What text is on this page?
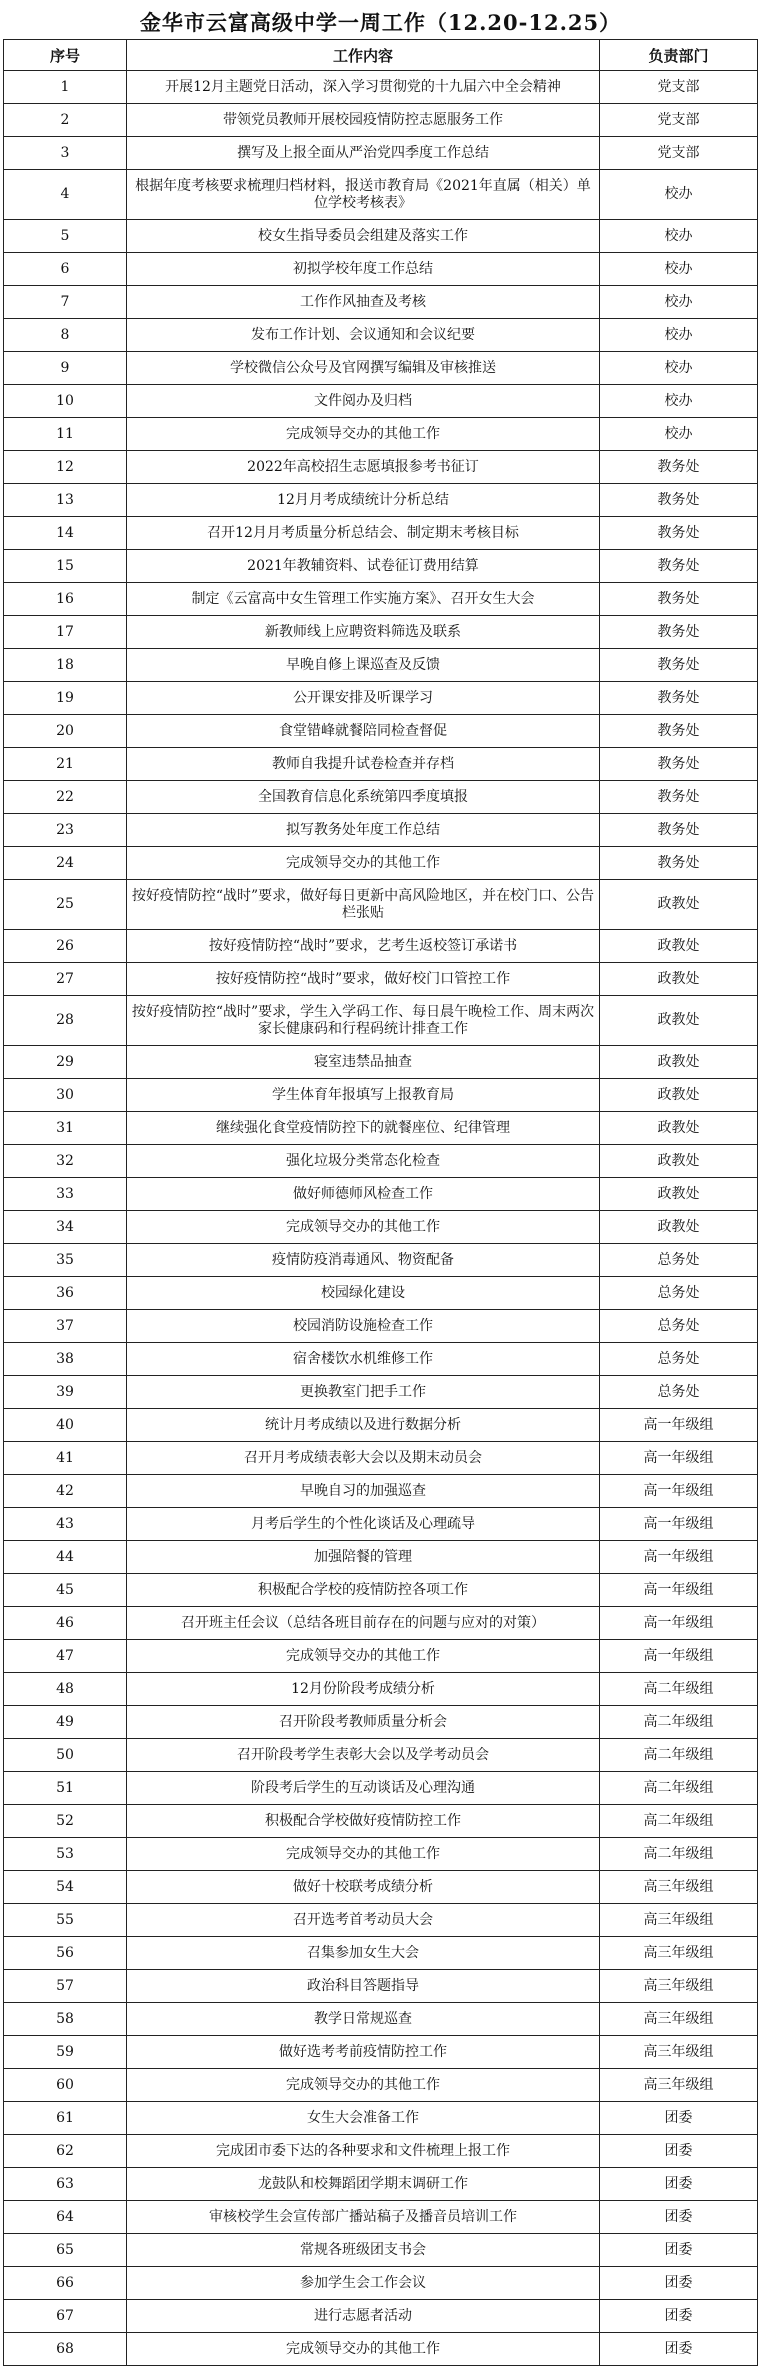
金华市云富高级中学一周工作（12.20-12.25）
序号	工作内容	负责部门
1	开展12月主题党日活动，深入学习贯彻党的十九届六中全会精神	党支部
2	带领党员教师开展校园疫情防控志愿服务工作	党支部
3	撰写及上报全面从严治党四季度工作总结	党支部
4	根据年度考核要求梳理归档材料，报送市教育局《2021年直属（相关）单位学校考核表》	校办
5	校女生指导委员会组建及落实工作	校办
6	初拟学校年度工作总结	校办
7	工作作风抽查及考核	校办
8	发布工作计划、会议通知和会议纪要	校办
9	学校微信公众号及官网撰写编辑及审核推送	校办
10	文件阅办及归档	校办
11	完成领导交办的其他工作	校办
12	2022年高校招生志愿填报参考书征订	教务处
13	12月月考成绩统计分析总结	教务处
14	召开12月月考质量分析总结会、制定期末考核目标	教务处
15	2021年教辅资料、试卷征订费用结算	教务处
16	制定《云富高中女生管理工作实施方案》、召开女生大会	教务处
17	新教师线上应聘资料筛选及联系	教务处
18	早晚自修上课巡查及反馈	教务处
19	公开课安排及听课学习	教务处
20	食堂错峰就餐陪同检查督促	教务处
21	教师自我提升试卷检查并存档	教务处
22	全国教育信息化系统第四季度填报	教务处
23	拟写教务处年度工作总结	教务处
24	完成领导交办的其他工作	教务处
25	按好疫情防控“战时”要求，做好每日更新中高风险地区，并在校门口、公告栏张贴	政教处
26	按好疫情防控“战时”要求，艺考生返校签订承诺书	政教处
27	按好疫情防控“战时”要求，做好校门口管控工作	政教处
28	按好疫情防控“战时”要求，学生入学码工作、每日晨午晚检工作、周末两次家长健康码和行程码统计排查工作	政教处
29	寝室违禁品抽查	政教处
30	学生体育年报填写上报教育局	政教处
31	继续强化食堂疫情防控下的就餐座位、纪律管理	政教处
32	强化垃圾分类常态化检查	政教处
33	做好师德师风检查工作	政教处
34	完成领导交办的其他工作	政教处
35	疫情防疫消毒通风、物资配备	总务处
36	校园绿化建设	总务处
37	校园消防设施检查工作	总务处
38	宿舍楼饮水机维修工作	总务处
39	更换教室门把手工作	总务处
40	统计月考成绩以及进行数据分析	高一年级组
41	召开月考成绩表彰大会以及期末动员会	高一年级组
42	早晚自习的加强巡查	高一年级组
43	月考后学生的个性化谈话及心理疏导	高一年级组
44	加强陪餐的管理	高一年级组
45	积极配合学校的疫情防控各项工作	高一年级组
46	召开班主任会议（总结各班目前存在的问题与应对的对策）	高一年级组
47	完成领导交办的其他工作	高一年级组
48	12月份阶段考成绩分析	高二年级组
49	召开阶段考教师质量分析会	高二年级组
50	召开阶段考学生表彰大会以及学考动员会	高二年级组
51	阶段考后学生的互动谈话及心理沟通	高二年级组
52	积极配合学校做好疫情防控工作	高二年级组
53	完成领导交办的其他工作	高二年级组
54	做好十校联考成绩分析	高三年级组
55	召开选考首考动员大会	高三年级组
56	召集参加女生大会	高三年级组
57	政治科目答题指导	高三年级组
58	教学日常规巡查	高三年级组
59	做好选考考前疫情防控工作	高三年级组
60	完成领导交办的其他工作	高三年级组
61	女生大会准备工作	团委
62	完成团市委下达的各种要求和文件梳理上报工作	团委
63	龙鼓队和校舞蹈团学期末调研工作	团委
64	审核校学生会宣传部广播站稿子及播音员培训工作	团委
65	常规各班级团支书会	团委
66	参加学生会工作会议	团委
67	进行志愿者活动	团委
68	完成领导交办的其他工作	团委
